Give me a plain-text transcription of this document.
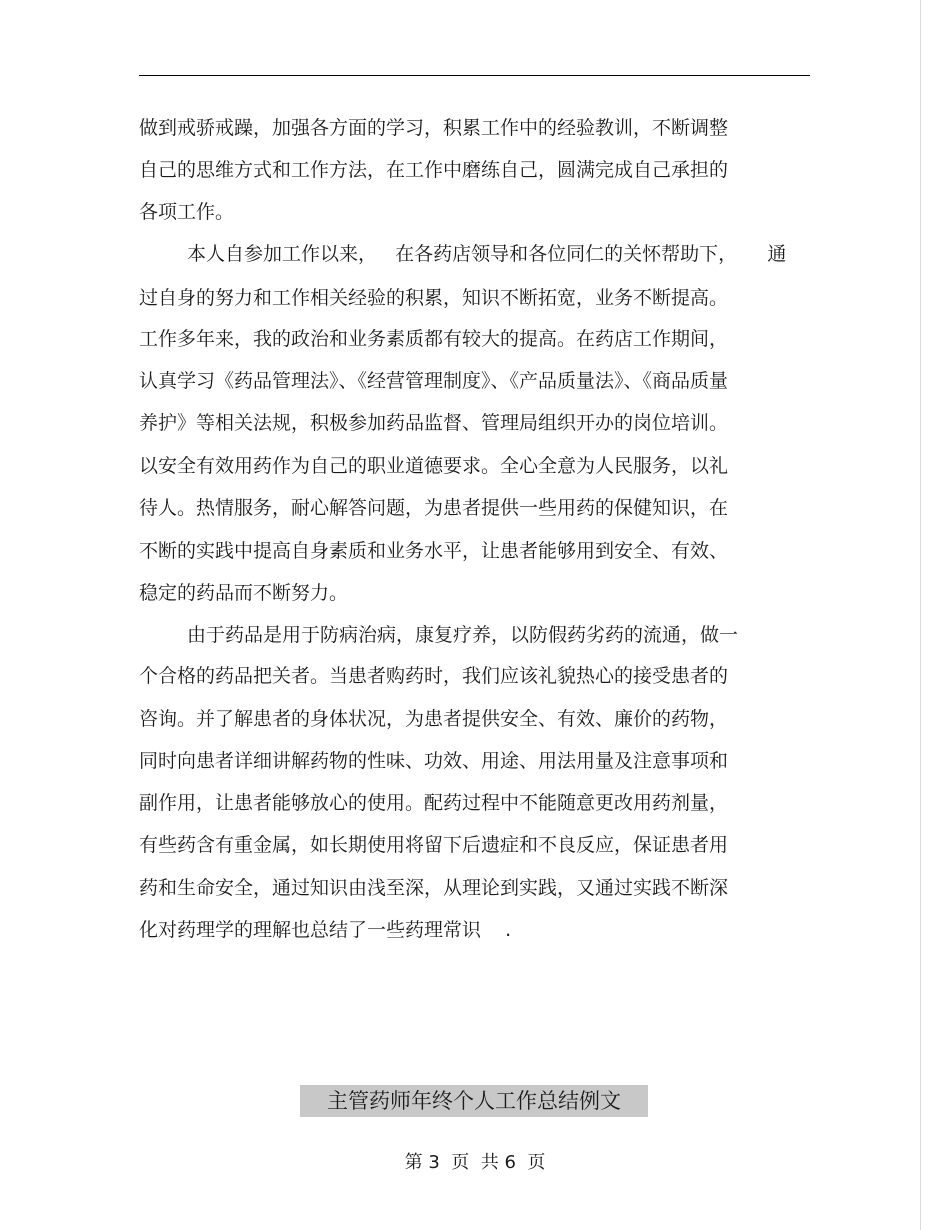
做到戒骄戒躁，加强各方面的学习，积累工作中的经验教训，不断调整
自己的思维方式和工作方法，在工作中磨练自己，圆满完成自己承担的
各项工作。
本人自参加工作以来，   在各药店领导和各位同仁的关怀帮助下，     通
过自身的努力和工作相关经验的积累，知识不断拓宽，业务不断提高。
工作多年来，我的政治和业务素质都有较大的提高。在药店工作期间，
认真学习《药品管理法》、《经营管理制度》、《产品质量法》、《商品质量
养护》等相关法规，积极参加药品监督、管理局组织开办的岗位培训。
以安全有效用药作为自己的职业道德要求。全心全意为人民服务，以礼
待人。热情服务，耐心解答问题，为患者提供一些用药的保健知识，在
不断的实践中提高自身素质和业务水平，让患者能够用到安全、有效、
稳定的药品而不断努力。
由于药品是用于防病治病，康复疗养，以防假药劣药的流通，做一
个合格的药品把关者。当患者购药时，我们应该礼貌热心的接受患者的
咨询。并了解患者的身体状况，为患者提供安全、有效、廉价的药物，
同时向患者详细讲解药物的性味、功效、用途、用法用量及注意事项和
副作用，让患者能够放心的使用。配药过程中不能随意更改用药剂量，
有些药含有重金属，如长期使用将留下后遗症和不良反应，保证患者用
药和生命安全，通过知识由浅至深，从理论到实践，又通过实践不断深
化对药理学的理解也总结了一些药理常识    .
主管药师年终个人工作总结例文
第 3  页  共 6  页
